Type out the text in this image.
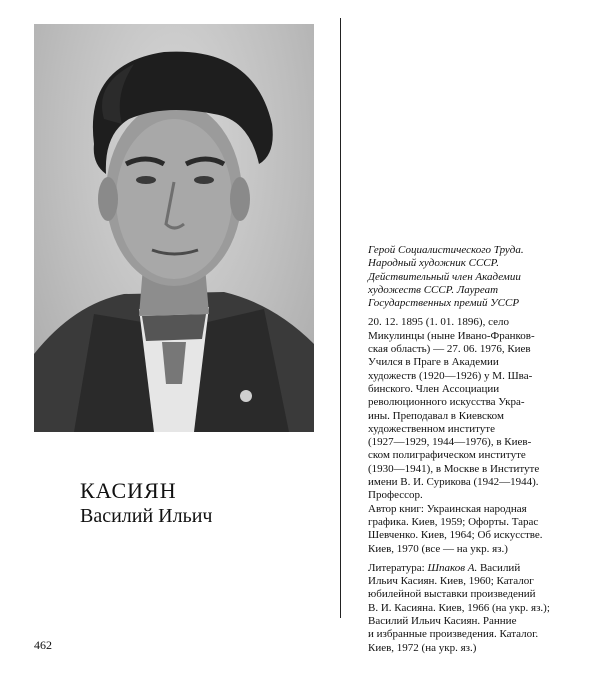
КАСИЯН
Василий Ильич

Герой Социалистического Труда.
Народный художник СССР.
Действительный член Академии
художеств СССР. Лауреат
Государственных премий УССР

20. 12. 1895 (1. 01. 1896), село
Микулинцы (ныне Ивано-Франков-
ская область) — 27. 06. 1976, Киев
Учился в Праге в Академии
художеств (1920—1926) у М. Шва-
бинского. Член Ассоциации
революционного искусства Укра-
ины. Преподавал в Киевском
художественном институте
(1927—1929, 1944—1976), в Киев-
ском полиграфическом институте
(1930—1941), в Москве в Институте
имени В. И. Сурикова (1942—1944).
Профессор.
Автор книг: Украинская народная
графика. Киев, 1959; Офорты. Тарас
Шевченко. Киев, 1964; Об искусстве.
Киев, 1970 (все — на укр. яз.)

Литература: Шпаков А. Василий
Ильич Касиян. Киев, 1960; Каталог
юбилейной выставки произведений
В. И. Касияна. Киев, 1966 (на укр. яз.);
Василий Ильич Касиян. Ранние
и избранные произведения. Каталог.
Киев, 1972 (на укр. яз.)

462
